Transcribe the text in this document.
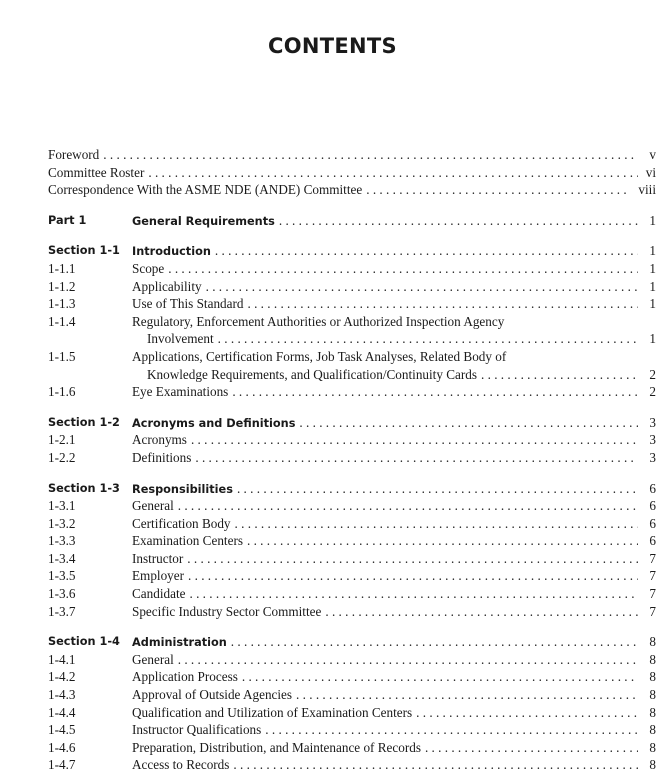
CONTENTS
Foreword . . .	v
Committee Roster . . .	vi
Correspondence With the ASME NDE (ANDE) Committee . . .	viii
Part 1	General Requirements . . .	1
Section 1-1 Introduction . . .	1
1-1.1	Scope . . .	1
1-1.2	Applicability . . .	1
1-1.3	Use of This Standard . . .	1
1-1.4	Regulatory, Enforcement Authorities or Authorized Inspection Agency
Involvement . . .	1
1-1.5	Applications, Certification Forms, Job Task Analyses, Related Body of
Knowledge Requirements, and Qualification/Continuity Cards . . .	2
1-1.6	Eye Examinations . . .	2
Section 1-2 Acronyms and Definitions . . .	3
1-2.1	Acronyms . . .	3
1-2.2	Definitions . . .	3
Section 1-3 Responsibilities . . .	6
1-3.1	General . . .	6
1-3.2	Certification Body . . .	6
1-3.3	Examination Centers . . .	6
1-3.4	Instructor . . .	7
1-3.5	Employer . . .	7
1-3.6	Candidate . . .	7
1-3.7	Specific Industry Sector Committee . . .	7
Section 1-4 Administration . . .	8
1-4.1	General . . .	8
1-4.2	Application Process . . .	8
1-4.3	Approval of Outside Agencies . . .	8
1-4.4	Qualification and Utilization of Examination Centers . . .	8
1-4.5	Instructor Qualifications . . .	8
1-4.6	Preparation, Distribution, and Maintenance of Records . . .	8
1-4.7	Access to Records . . .	8
